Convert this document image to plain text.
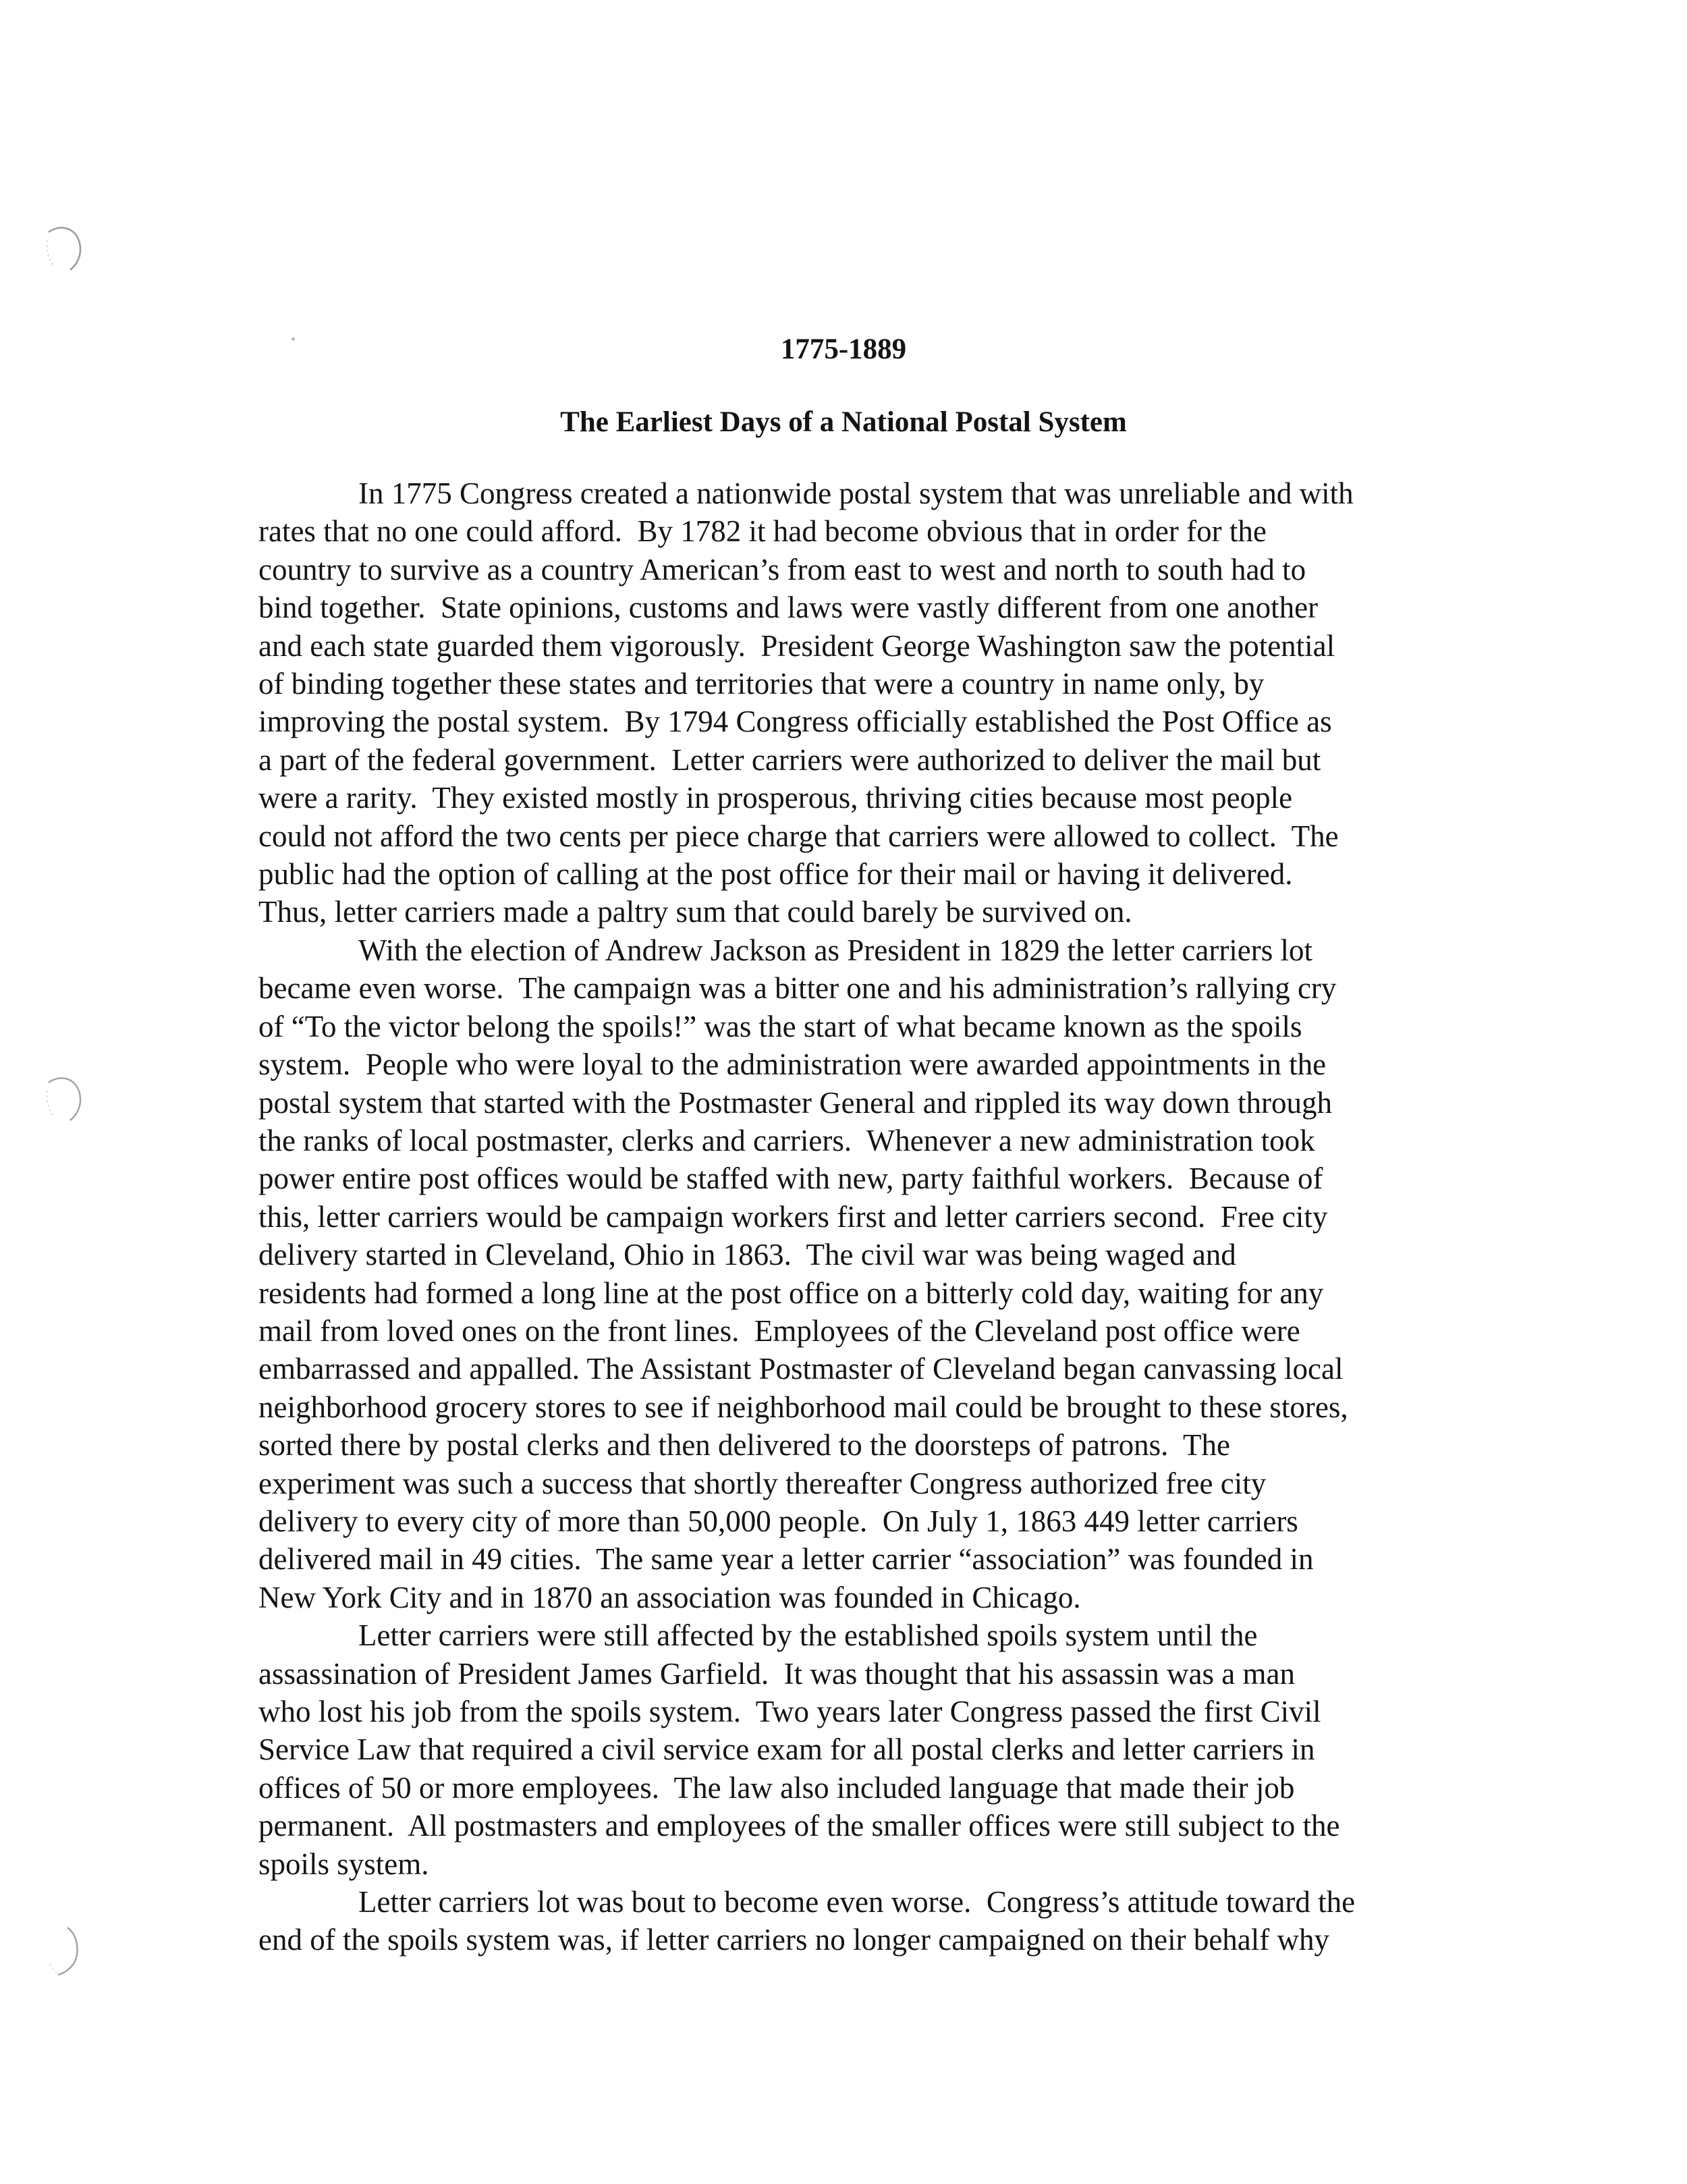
1775-1889
The Earliest Days of a National Postal System

In 1775 Congress created a nationwide postal system that was unreliable and with
rates that no one could afford.  By 1782 it had become obvious that in order for the
country to survive as a country American’s from east to west and north to south had to
bind together.  State opinions, customs and laws were vastly different from one another
and each state guarded them vigorously.  President George Washington saw the potential
of binding together these states and territories that were a country in name only, by
improving the postal system.  By 1794 Congress officially established the Post Office as
a part of the federal government.  Letter carriers were authorized to deliver the mail but
were a rarity.  They existed mostly in prosperous, thriving cities because most people
could not afford the two cents per piece charge that carriers were allowed to collect.  The
public had the option of calling at the post office for their mail or having it delivered.
Thus, letter carriers made a paltry sum that could barely be survived on.

With the election of Andrew Jackson as President in 1829 the letter carriers lot
became even worse.  The campaign was a bitter one and his administration’s rallying cry
of “To the victor belong the spoils!” was the start of what became known as the spoils
system.  People who were loyal to the administration were awarded appointments in the
postal system that started with the Postmaster General and rippled its way down through
the ranks of local postmaster, clerks and carriers.  Whenever a new administration took
power entire post offices would be staffed with new, party faithful workers.  Because of
this, letter carriers would be campaign workers first and letter carriers second.  Free city
delivery started in Cleveland, Ohio in 1863.  The civil war was being waged and
residents had formed a long line at the post office on a bitterly cold day, waiting for any
mail from loved ones on the front lines.  Employees of the Cleveland post office were
embarrassed and appalled. The Assistant Postmaster of Cleveland began canvassing local
neighborhood grocery stores to see if neighborhood mail could be brought to these stores,
sorted there by postal clerks and then delivered to the doorsteps of patrons.  The
experiment was such a success that shortly thereafter Congress authorized free city
delivery to every city of more than 50,000 people.  On July 1, 1863 449 letter carriers
delivered mail in 49 cities.  The same year a letter carrier “association” was founded in
New York City and in 1870 an association was founded in Chicago.

Letter carriers were still affected by the established spoils system until the
assassination of President James Garfield.  It was thought that his assassin was a man
who lost his job from the spoils system.  Two years later Congress passed the first Civil
Service Law that required a civil service exam for all postal clerks and letter carriers in
offices of 50 or more employees.  The law also included language that made their job
permanent.  All postmasters and employees of the smaller offices were still subject to the
spoils system.

Letter carriers lot was bout to become even worse.  Congress’s attitude toward the
end of the spoils system was, if letter carriers no longer campaigned on their behalf why
